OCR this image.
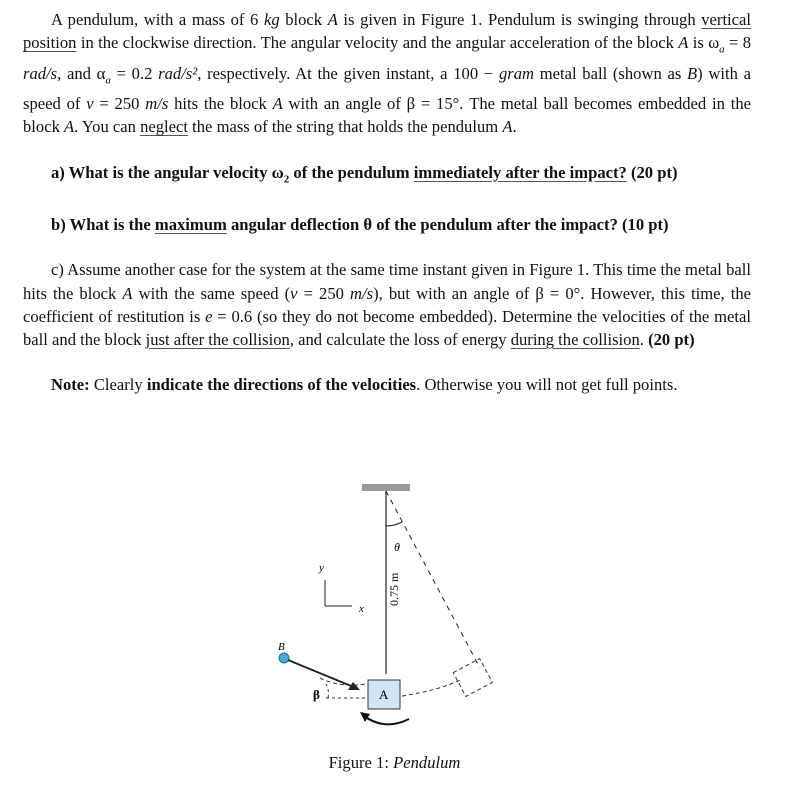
A pendulum, with a mass of 6 kg block A is given in Figure 1. Pendulum is swinging through vertical position in the clockwise direction. The angular velocity and the angular acceleration of the block A is $\omega_a = 8$ rad/s, and $\alpha_a = 0.2$ rad/s², respectively. At the given instant, a 100 − gram metal ball (shown as B) with a speed of v = 250 m/s hits the block A with an angle of β = 15°. The metal ball becomes embedded in the block A. You can neglect the mass of the string that holds the pendulum A.

a) What is the angular velocity $\omega_2$ of the pendulum immediately after the impact? (20 pt)

b) What is the maximum angular deflection θ of the pendulum after the impact? (10 pt)

c) Assume another case for the system at the same time instant given in Figure 1. This time the metal ball hits the block A with the same speed (v = 250 m/s), but with an angle of β = 0°. However, this time, the coefficient of restitution is e = 0.6 (so they do not become embedded). Determine the velocities of the metal ball and the block just after the collision, and calculate the loss of energy during the collision. (20 pt)

Note: Clearly indicate the directions of the velocities. Otherwise you will not get full points.

θ
0.75 m
y
x
A
B
β
Figure 1: Pendulum
